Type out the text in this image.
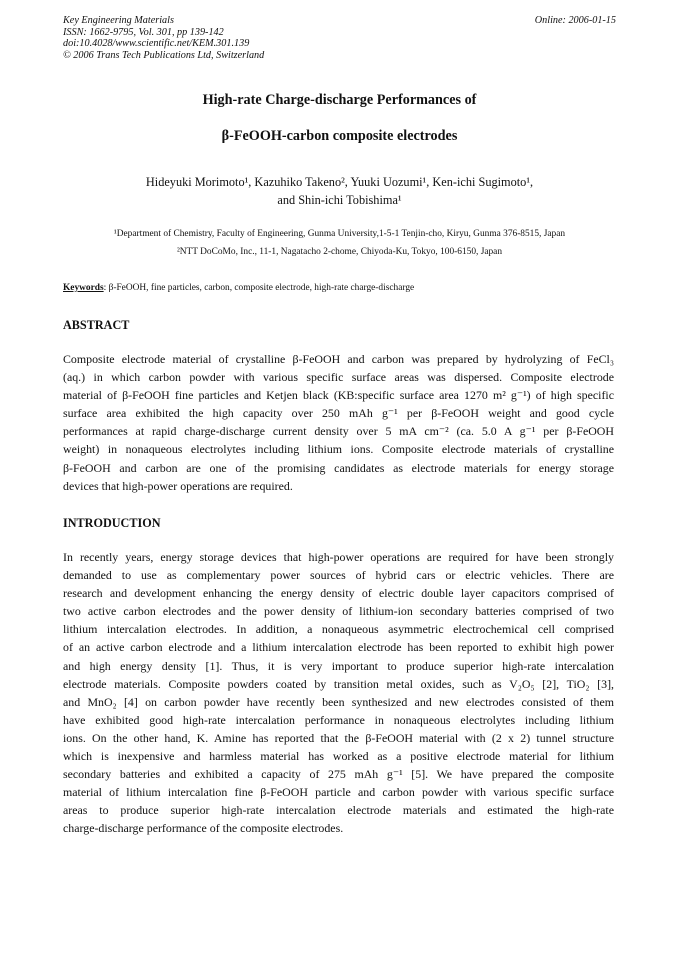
Key Engineering Materials
ISSN: 1662-9795, Vol. 301, pp 139-142
doi:10.4028/www.scientific.net/KEM.301.139
© 2006 Trans Tech Publications Ltd, Switzerland
Online: 2006-01-15
High-rate Charge-discharge Performances of
β-FeOOH-carbon composite electrodes
Hideyuki Morimoto¹, Kazuhiko Takeno², Yuuki Uozumi¹, Ken-ichi Sugimoto¹,
and Shin-ichi Tobishima¹
¹Department of Chemistry, Faculty of Engineering, Gunma University,1-5-1 Tenjin-cho, Kiryu, Gunma 376-8515, Japan
²NTT DoCoMo, Inc., 11-1, Nagatacho 2-chome, Chiyoda-Ku, Tokyo, 100-6150, Japan
Keywords: β-FeOOH, fine particles, carbon, composite electrode, high-rate charge-discharge
ABSTRACT
Composite electrode material of crystalline β-FeOOH and carbon was prepared by hydrolyzing of FeCl₃
(aq.) in which carbon powder with various specific surface areas was dispersed. Composite electrode
material of β-FeOOH fine particles and Ketjen black (KB:specific surface area 1270 m² g⁻¹) of high specific
surface area exhibited the high capacity over 250 mAh g⁻¹ per β-FeOOH weight and good cycle
performances at rapid charge-discharge current density over 5 mA cm⁻² (ca. 5.0 A g⁻¹ per β-FeOOH
weight) in nonaqueous electrolytes including lithium ions. Composite electrode materials of crystalline
β-FeOOH and carbon are one of the promising candidates as electrode materials for energy storage
devices that high-power operations are required.
INTRODUCTION
In recently years, energy storage devices that high-power operations are required for have been strongly
demanded to use as complementary power sources of hybrid cars or electric vehicles. There are
research and development enhancing the energy density of electric double layer capacitors comprised of
two active carbon electrodes and the power density of lithium-ion secondary batteries comprised of two
lithium intercalation electrodes. In addition, a nonaqueous asymmetric electrochemical cell comprised
of an active carbon electrode and a lithium intercalation electrode has been reported to exhibit high power
and high energy density [1]. Thus, it is very important to produce superior high-rate intercalation
electrode materials. Composite powders coated by transition metal oxides, such as V₂O₅ [2], TiO₂ [3],
and MnO₂ [4] on carbon powder have recently been synthesized and new electrodes consisted of them
have exhibited good high-rate intercalation performance in nonaqueous electrolytes including lithium
ions. On the other hand, K. Amine has reported that the β-FeOOH material with (2 x 2) tunnel structure
which is inexpensive and harmless material has worked as a positive electrode material for lithium
secondary batteries and exhibited a capacity of 275 mAh g⁻¹ [5]. We have prepared the composite
material of lithium intercalation fine β-FeOOH particle and carbon powder with various specific surface
areas to produce superior high-rate intercalation electrode materials and estimated the high-rate
charge-discharge performance of the composite electrodes.
